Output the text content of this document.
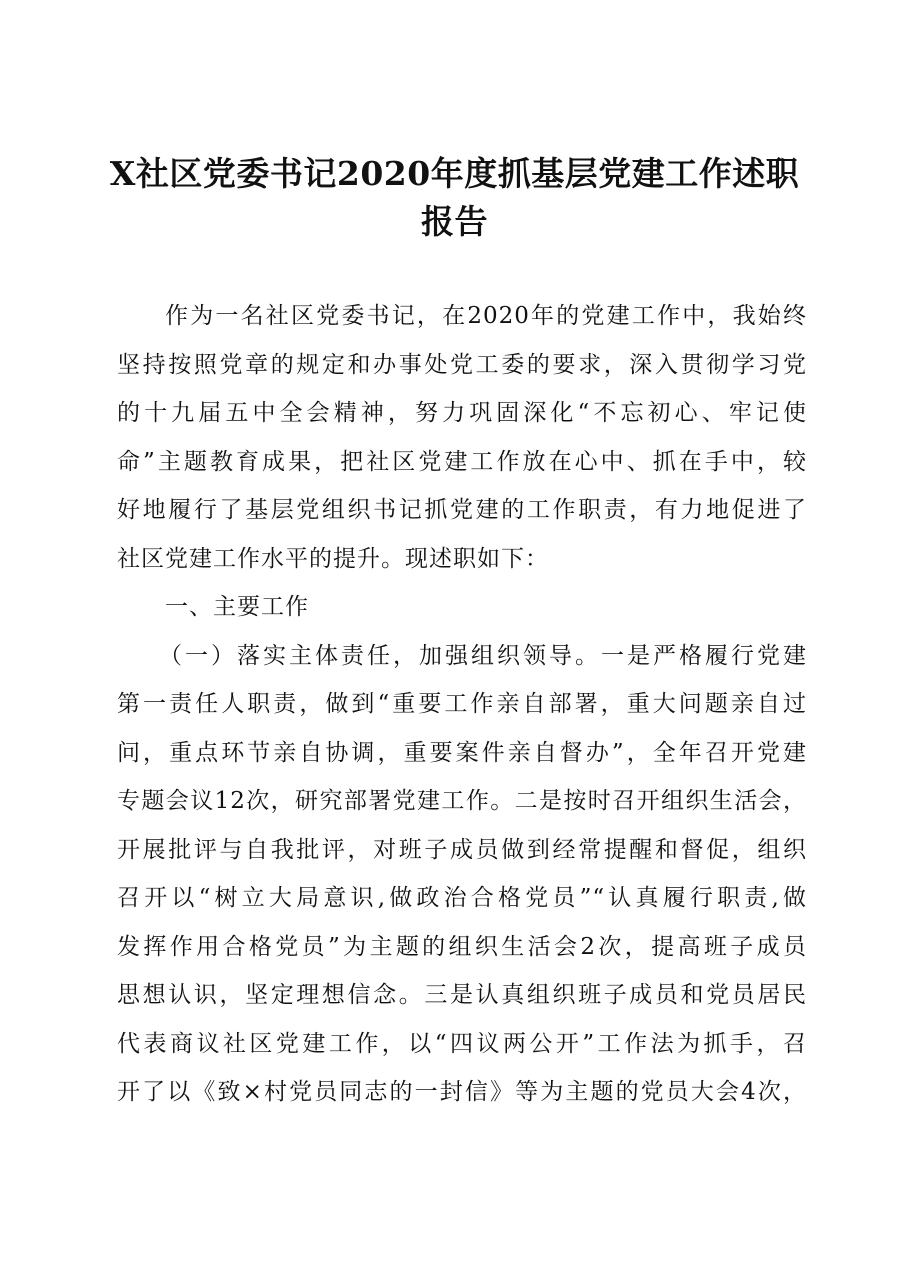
X社区党委书记2020年度抓基层党建工作述职
报告
作为一名社区党委书记，在2020年的党建工作中，我始终
坚持按照党章的规定和办事处党工委的要求，深入贯彻学习党
的十九届五中全会精神，努力巩固深化“不忘初心、牢记使
命”主题教育成果，把社区党建工作放在心中、抓在手中，较
好地履行了基层党组织书记抓党建的工作职责，有力地促进了
社区党建工作水平的提升。现述职如下：
一、主要工作
（一）落实主体责任，加强组织领导。一是严格履行党建
第一责任人职责，做到“重要工作亲自部署，重大问题亲自过
问，重点环节亲自协调，重要案件亲自督办”，全年召开党建
专题会议12次，研究部署党建工作。二是按时召开组织生活会，
开展批评与自我批评，对班子成员做到经常提醒和督促，组织
召开以“树立大局意识,做政治合格党员”“认真履行职责,做
发挥作用合格党员”为主题的组织生活会2次，提高班子成员
思想认识，坚定理想信念。三是认真组织班子成员和党员居民
代表商议社区党建工作，以“四议两公开”工作法为抓手，召
开了以《致×村党员同志的一封信》等为主题的党员大会4次，
